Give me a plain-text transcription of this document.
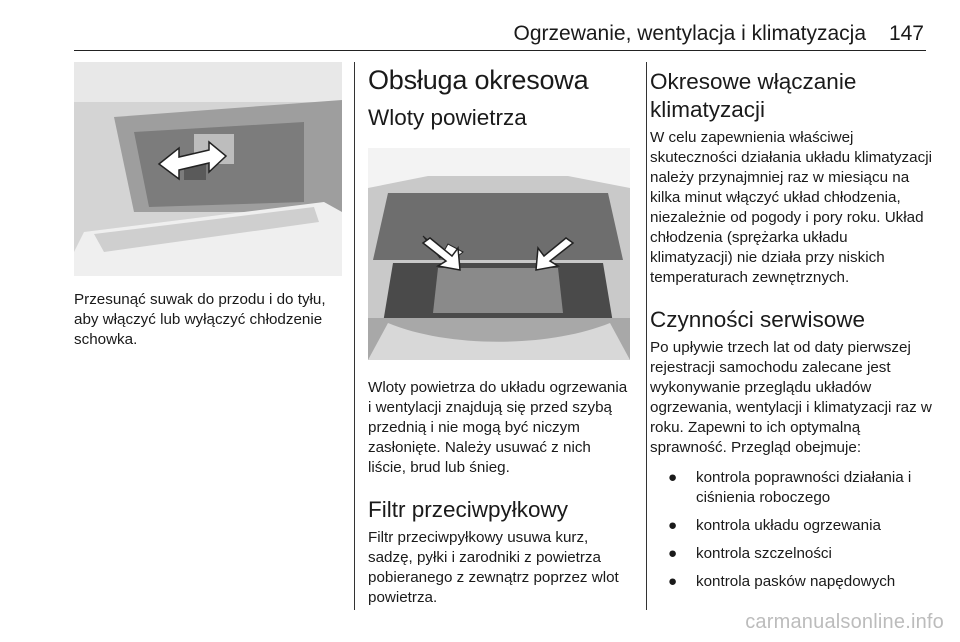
Ogrzewanie, wentylacja i klimatyzacja 147

Przesunąć suwak do przodu i do tyłu, aby włączyć lub wyłączyć chłodzenie schowka.

Obsługa okresowa
Wloty powietrza

Wloty powietrza do układu ogrzewania i wentylacji znajdują się przed szybą przednią i nie mogą być niczym zasłonięte. Należy usuwać z nich liście, brud lub śnieg.

Filtr przeciwpyłkowy

Filtr przeciwpyłkowy usuwa kurz, sadzę, pyłki i zarodniki z powietrza pobieranego z zewnątrz poprzez wlot powietrza.

Okresowe włączanie klimatyzacji

W celu zapewnienia właściwej skuteczności działania układu klimatyzacji należy przynajmniej raz w miesiącu na kilka minut włączyć układ chłodzenia, niezależnie od pogody i pory roku. Układ chłodzenia (sprężarka układu klimatyzacji) nie działa przy niskich temperaturach zewnętrznych.

Czynności serwisowe

Po upływie trzech lat od daty pierwszej rejestracji samochodu zalecane jest wykonywanie przeglądu układów ogrzewania, wentylacji i klimatyzacji raz w roku. Zapewni to ich optymalną sprawność. Przegląd obejmuje:

● kontrola poprawności działania i ciśnienia roboczego
● kontrola układu ogrzewania
● kontrola szczelności
● kontrola pasków napędowych
carmanualsonline.info
